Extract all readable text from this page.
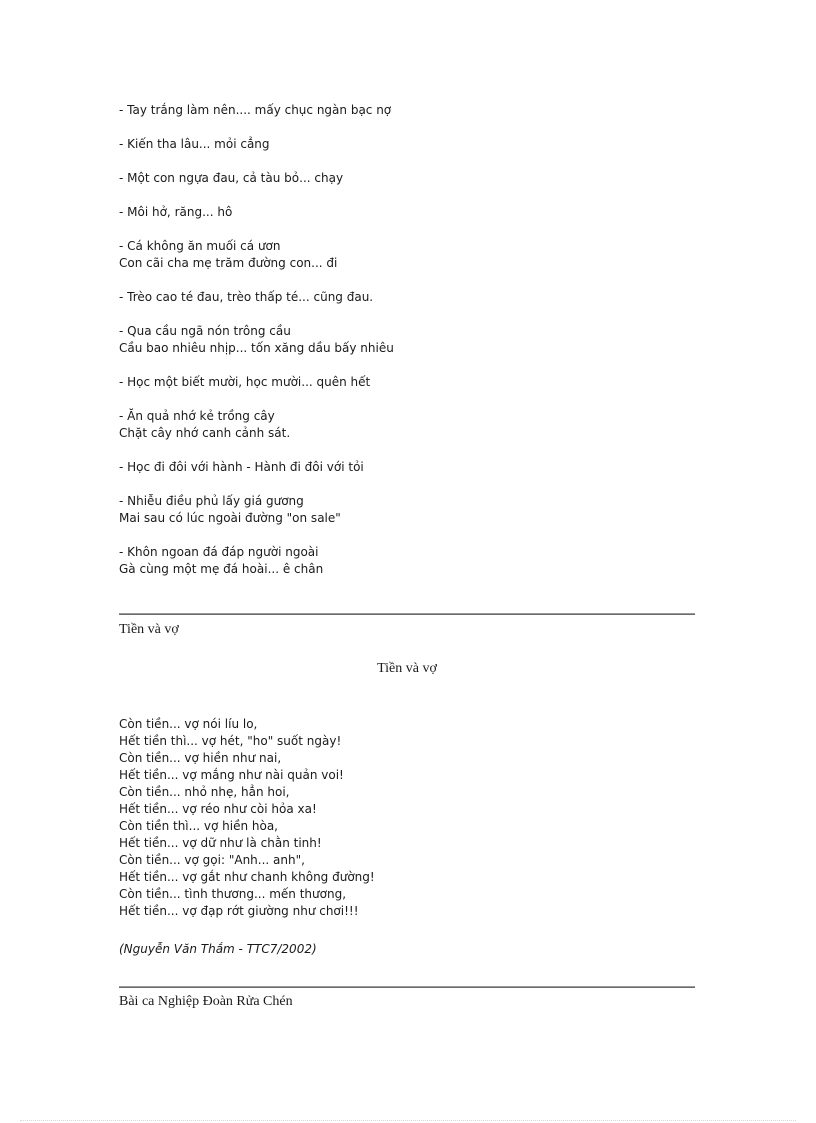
- Tay trắng làm nên.... mấy chục ngàn bạc nợ
- Kiến tha lâu... mỏi cẳng
- Một con ngựa đau, cả tàu bỏ... chạy
- Môi hở, răng... hô
- Cá không ăn muối cá ươn
Con cãi cha mẹ trăm đường con... đi
- Trèo cao té đau, trèo thấp té... cũng đau.
- Qua cầu ngã nón trông cầu
Cầu bao nhiêu nhịp... tốn xăng dầu bấy nhiêu
- Học một biết mười, học mười... quên hết
- Ăn quả nhớ kẻ trồng cây
Chặt cây nhớ canh cảnh sát.
- Học đi đôi với hành - Hành đi đôi với tỏi
- Nhiễu điều phủ lấy giá gương
Mai sau có lúc ngoài đường "on sale"
- Khôn ngoan đá đáp người ngoài
Gà cùng một mẹ đá hoài... ê chân
Tiền và vợ
Tiền và vợ
Còn tiền... vợ nói líu lo,
Hết tiền thì... vợ hét, "ho" suốt ngày!
Còn tiền... vợ hiền như nai,
Hết tiền... vợ mắng như nài quản voi!
Còn tiền... nhỏ nhẹ, hẳn hoi,
Hết tiền... vợ réo như còi hỏa xa!
Còn tiền thì... vợ hiền hòa,
Hết tiền... vợ dữ như là chằn tinh!
Còn tiền... vợ gọi: "Anh... anh",
Hết tiền... vợ gắt như chanh không đường!
Còn tiền... tình thương... mến thương,
Hết tiền... vợ đạp rớt giường như chơi!!!
(Nguyễn Văn Thắm - TTC7/2002)
Bài ca Nghiệp Đoàn Rửa Chén
